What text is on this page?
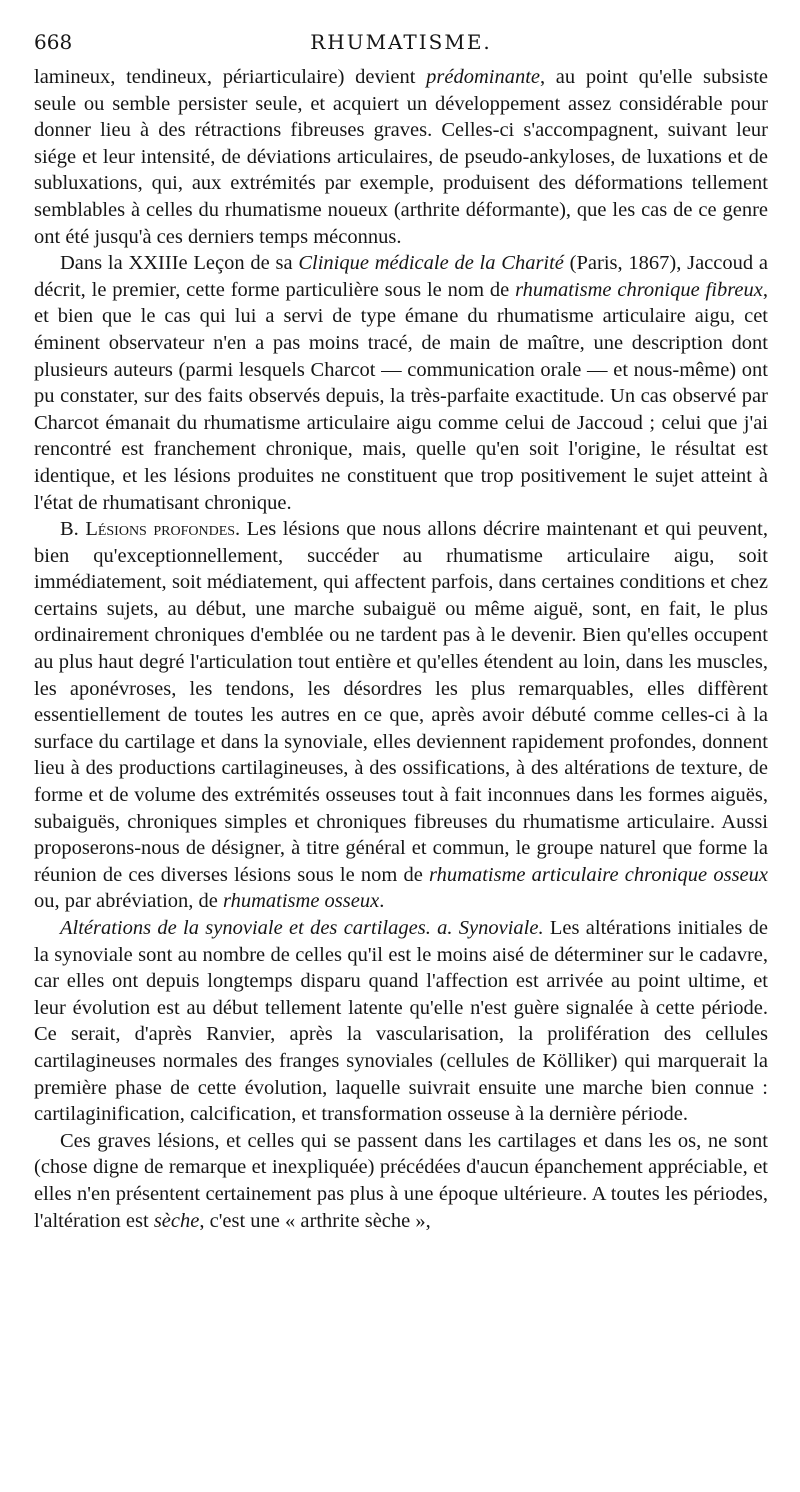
668	RHUMATISME.

lamineux, tendineux, périarticulaire) devient prédominante, au point qu'elle subsiste seule ou semble persister seule, et acquiert un développement assez considérable pour donner lieu à des rétractions fibreuses graves. Celles-ci s'accompagnent, suivant leur siége et leur intensité, de déviations articulaires, de pseudo-ankyloses, de luxations et de subluxations, qui, aux extrémités par exemple, produisent des déformations tellement semblables à celles du rhumatisme noueux (arthrite déformante), que les cas de ce genre ont été jusqu'à ces derniers temps méconnus.

Dans la XXIIIe Leçon de sa Clinique médicale de la Charité (Paris, 1867), Jaccoud a décrit, le premier, cette forme particulière sous le nom de rhumatisme chronique fibreux, et bien que le cas qui lui a servi de type émane du rhumatisme articulaire aigu, cet éminent observateur n'en a pas moins tracé, de main de maître, une description dont plusieurs auteurs (parmi lesquels Charcot — communication orale — et nous-même) ont pu constater, sur des faits observés depuis, la très-parfaite exactitude. Un cas observé par Charcot émanait du rhumatisme articulaire aigu comme celui de Jaccoud ; celui que j'ai rencontré est franchement chronique, mais, quelle qu'en soit l'origine, le résultat est identique, et les lésions produites ne constituent que trop positivement le sujet atteint à l'état de rhumatisant chronique.

B. Lésions profondes. Les lésions que nous allons décrire maintenant et qui peuvent, bien qu'exceptionnellement, succéder au rhumatisme articulaire aigu, soit immédiatement, soit médiatement, qui affectent parfois, dans certaines conditions et chez certains sujets, au début, une marche subaiguë ou même aiguë, sont, en fait, le plus ordinairement chroniques d'emblée ou ne tardent pas à le devenir. Bien qu'elles occupent au plus haut degré l'articulation tout entière et qu'elles étendent au loin, dans les muscles, les aponévroses, les tendons, les désordres les plus remarquables, elles diffèrent essentiellement de toutes les autres en ce que, après avoir débuté comme celles-ci à la surface du cartilage et dans la synoviale, elles deviennent rapidement profondes, donnent lieu à des productions cartilagineuses, à des ossifications, à des altérations de texture, de forme et de volume des extrémités osseuses tout à fait inconnues dans les formes aiguës, subaiguës, chroniques simples et chroniques fibreuses du rhumatisme articulaire. Aussi proposerons-nous de désigner, à titre général et commun, le groupe naturel que forme la réunion de ces diverses lésions sous le nom de rhumatisme articulaire chronique osseux ou, par abréviation, de rhumatisme osseux.

Altérations de la synoviale et des cartilages. a. Synoviale. Les altérations initiales de la synoviale sont au nombre de celles qu'il est le moins aisé de déterminer sur le cadavre, car elles ont depuis longtemps disparu quand l'affection est arrivée au point ultime, et leur évolution est au début tellement latente qu'elle n'est guère signalée à cette période. Ce serait, d'après Ranvier, après la vascularisation, la prolifération des cellules cartilagineuses normales des franges synoviales (cellules de Kölliker) qui marquerait la première phase de cette évolution, laquelle suivrait ensuite une marche bien connue : cartilaginification, calcification, et transformation osseuse à la dernière période.

Ces graves lésions, et celles qui se passent dans les cartilages et dans les os, ne sont (chose digne de remarque et inexpliquée) précédées d'aucun épanchement appréciable, et elles n'en présentent certainement pas plus à une époque ultérieure. A toutes les périodes, l'altération est sèche, c'est une « arthrite sèche »,
